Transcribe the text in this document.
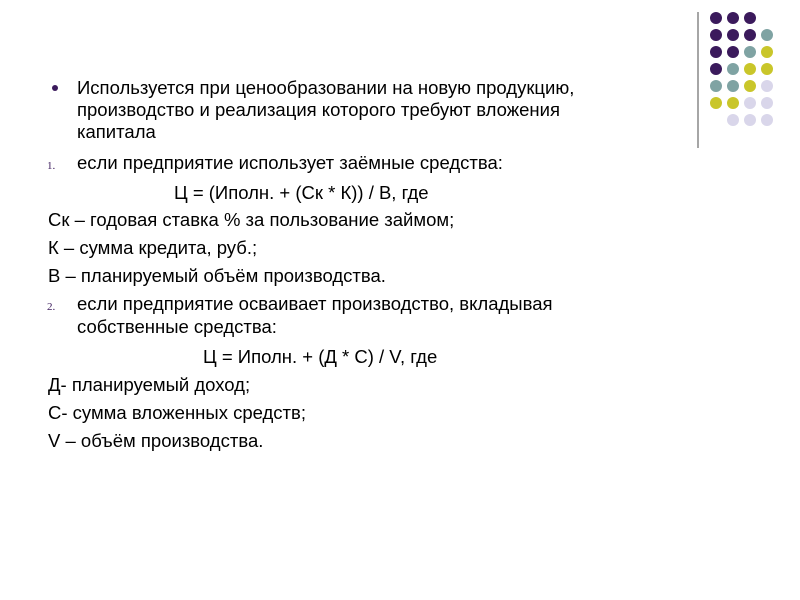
Используется при ценообразовании на новую продукцию,
производство и реализация которого требуют вложения
капитала
1. если предприятие использует заёмные средства:
Ц = (Иполн. + (Ск * К)) / В, где
Ск – годовая ставка % за пользование займом;
К – сумма кредита, руб.;
В – планируемый объём производства.
2. если предприятие осваивает производство, вкладывая
собственные средства:
Ц = Иполн. + (Д * С) / V, где
Д- планируемый доход;
С- сумма вложенных средств;
V – объём производства.
